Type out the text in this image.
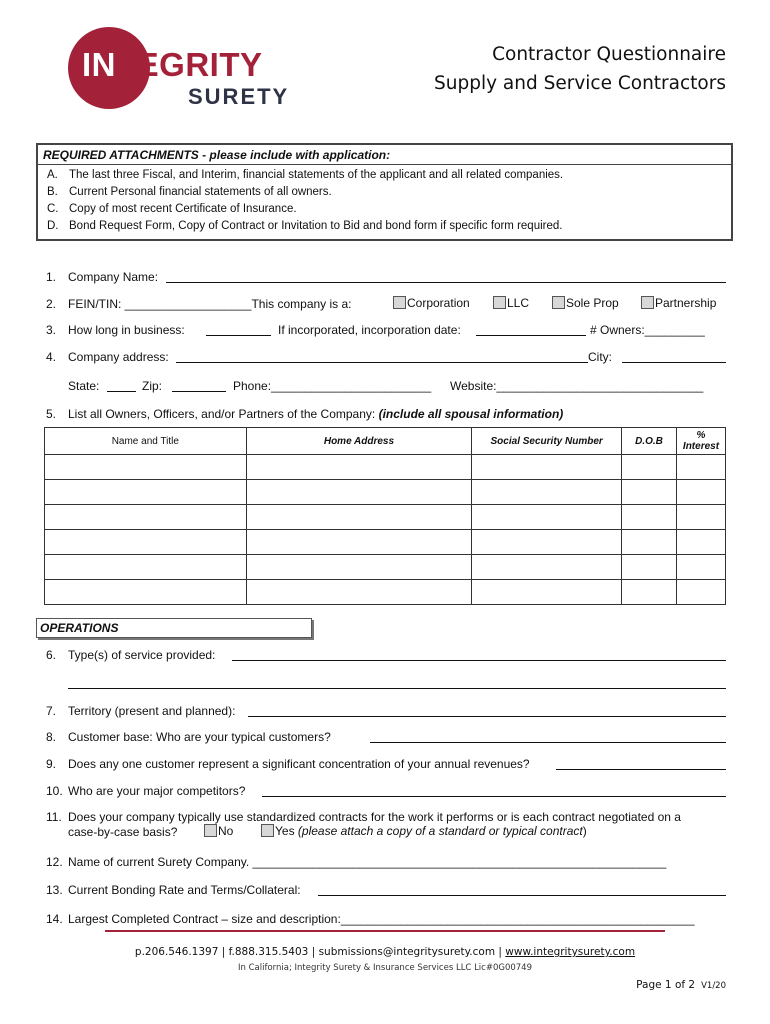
INTEGRITY
SURETY
Contractor Questionnaire
Supply and Service Contractors
REQUIRED ATTACHMENTS - please include with application:
A. The last three Fiscal, and Interim, financial statements of the applicant and all related companies.
B. Current Personal financial statements of all owners.
C. Copy of most recent Certificate of Insurance.
D. Bond Request Form, Copy of Contract or Invitation to Bid and bond form if specific form required.
1. Company Name:
2. FEIN/TIN: ___________________This company is a:	Corporation	LLC	Sole Prop	Partnership
3. How long in business:	If incorporated, incorporation date:	# Owners:_________
4. Company address:	City:
State:	Zip:	Phone:________________________ Website:_______________________________
5. List all Owners, Officers, and/or Partners of the Company: (include all spousal information)
Name and Title	Home Address	Social Security Number	D.O.B	%
Interest

OPERATIONS
6. Type(s) of service provided:
7. Territory (present and planned):
8. Customer base: Who are your typical customers?
9. Does any one customer represent a significant concentration of your annual revenues?
10. Who are your major competitors?
11. Does your company typically use standardized contracts for the work it performs or is each contract negotiated on a
case-by-case basis?	No	Yes (please attach a copy of a standard or typical contract)
12. Name of current Surety Company. ______________________________________________________________
13. Current Bonding Rate and Terms/Collateral:
14. Largest Completed Contract – size and description:_____________________________________________________
p.206.546.1397 | f.888.315.5403 | submissions@integritysurety.com | www.integritysurety.com
In California; Integrity Surety & Insurance Services LLC Lic#0G00749
Page 1 of 2 V1/20
